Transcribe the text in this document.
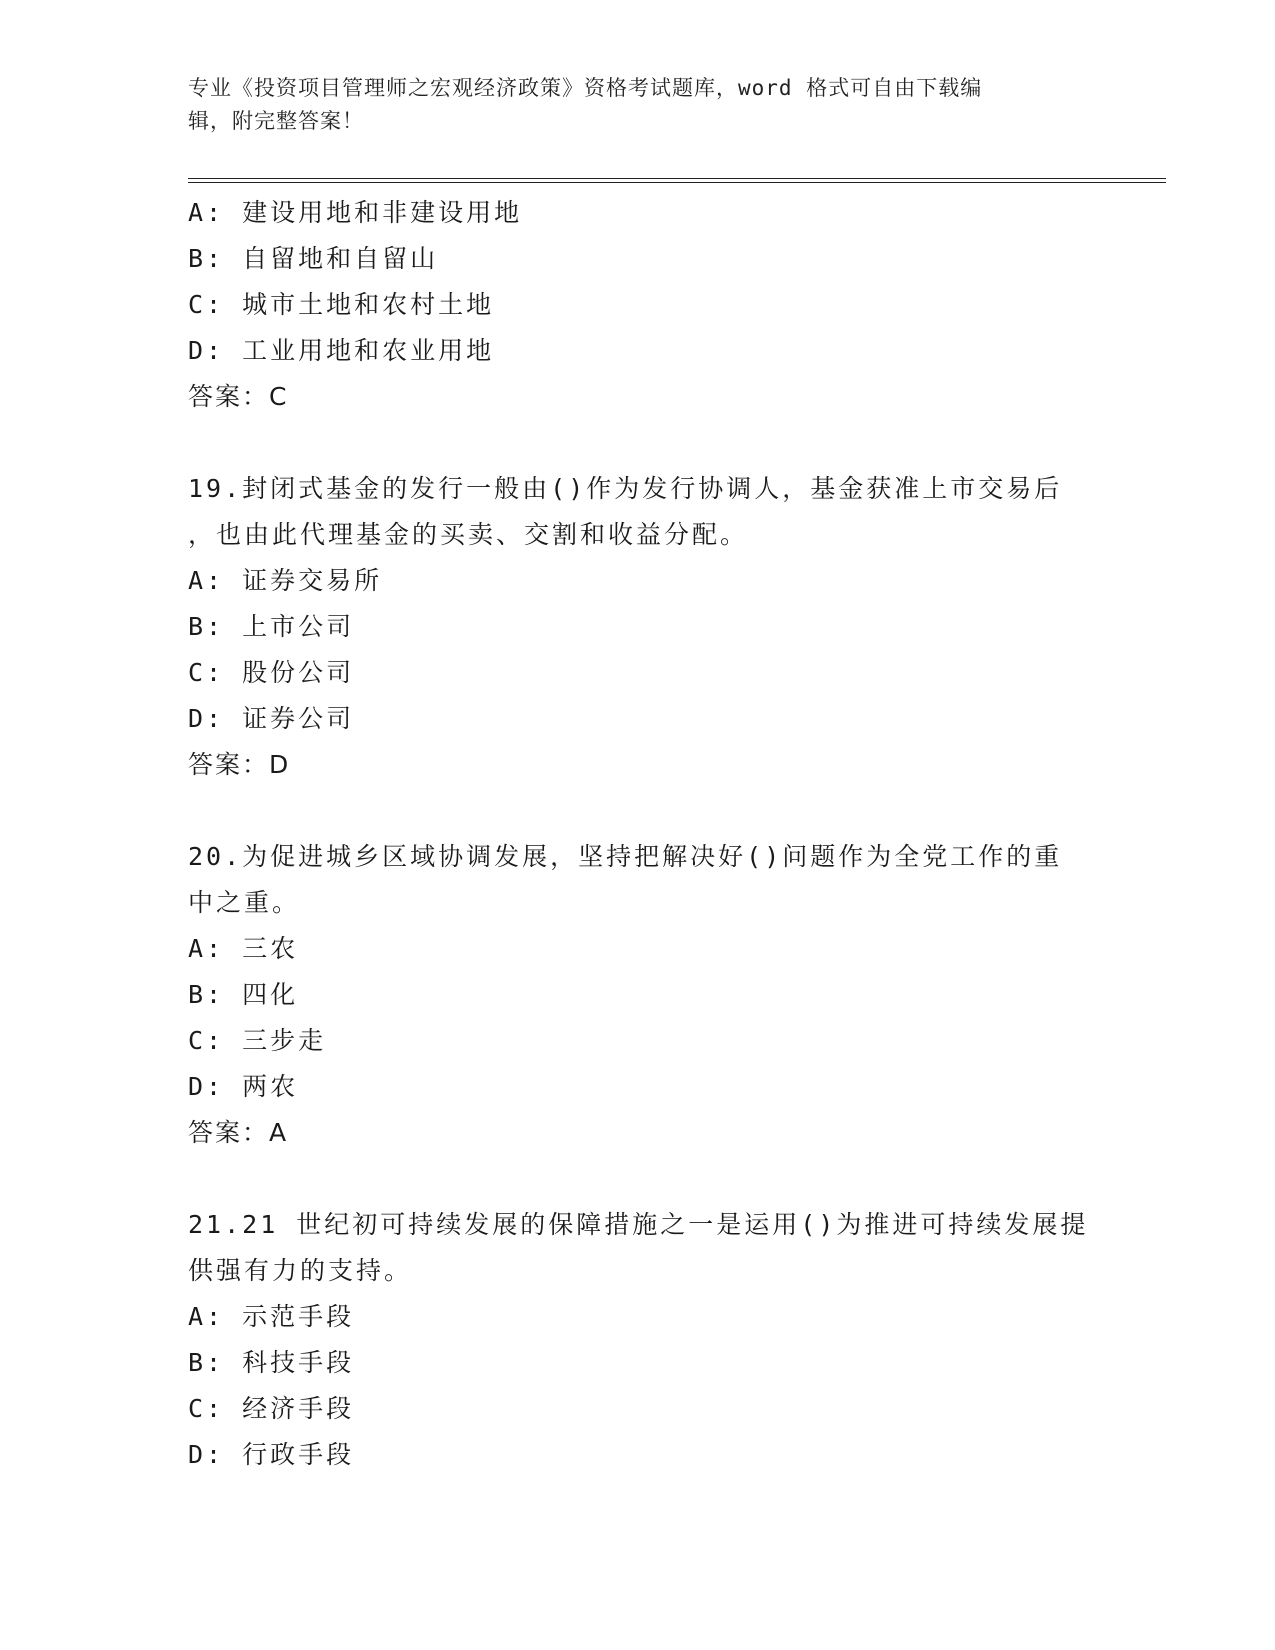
专业《投资项目管理师之宏观经济政策》资格考试题库，word 格式可自由下载编
辑，附完整答案！
A: 建设用地和非建设用地
B: 自留地和自留山
C: 城市土地和农村土地
D: 工业用地和农业用地
答案：C
19.封闭式基金的发行一般由()作为发行协调人，基金获准上市交易后
，也由此代理基金的买卖、交割和收益分配。
A: 证券交易所
B: 上市公司
C: 股份公司
D: 证券公司
答案：D
20.为促进城乡区域协调发展，坚持把解决好()问题作为全党工作的重
中之重。
A: 三农
B: 四化
C: 三步走
D: 两农
答案：A
21.21 世纪初可持续发展的保障措施之一是运用()为推进可持续发展提
供强有力的支持。
A: 示范手段
B: 科技手段
C: 经济手段
D: 行政手段
